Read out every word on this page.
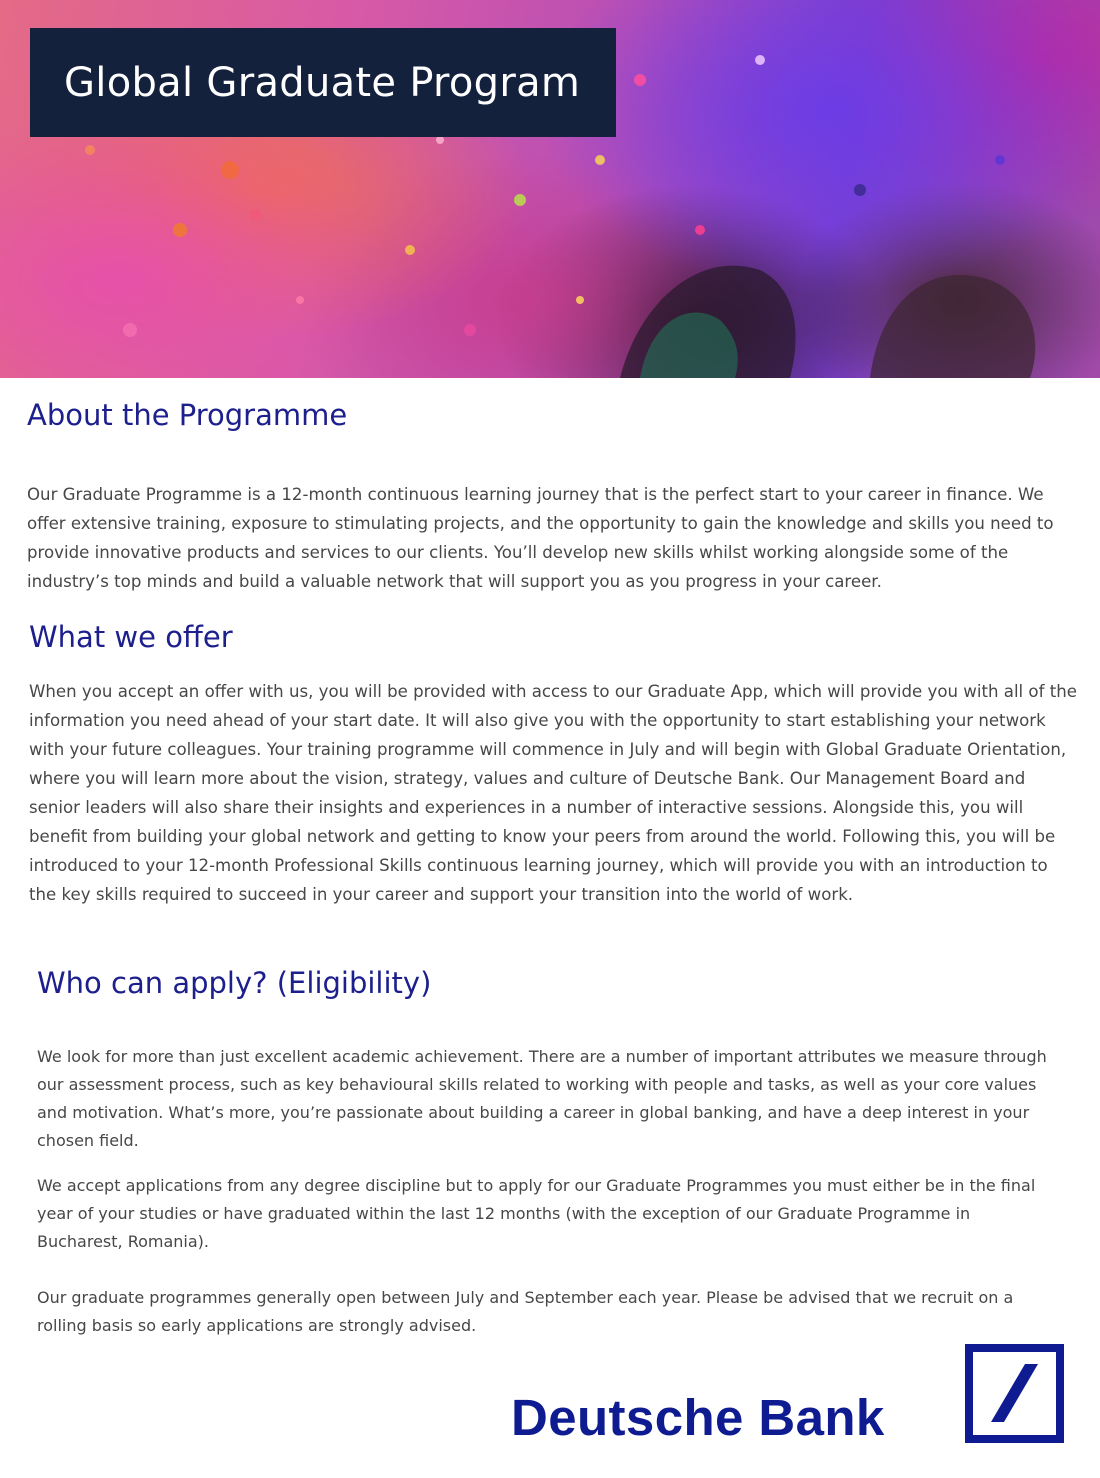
Global Graduate Program
About the Programme

Our Graduate Programme is a 12-month continuous learning journey that is the perfect start to your career in finance. We offer extensive training, exposure to stimulating projects, and the opportunity to gain the knowledge and skills you need to provide innovative products and services to our clients. You’ll develop new skills whilst working alongside some of the industry’s top minds and build a valuable network that will support you as you progress in your career.

What we offer

When you accept an offer with us, you will be provided with access to our Graduate App, which will provide you with all of the information you need ahead of your start date. It will also give you with the opportunity to start establishing your network with your future colleagues. Your training programme will commence in July and will begin with Global Graduate Orientation, where you will learn more about the vision, strategy, values and culture of Deutsche Bank. Our Management Board and senior leaders will also share their insights and experiences in a number of interactive sessions. Alongside this, you will benefit from building your global network and getting to know your peers from around the world. Following this, you will be introduced to your 12-month Professional Skills continuous learning journey, which will provide you with an introduction to the key skills required to succeed in your career and support your transition into the world of work.

Who can apply? (Eligibility)

We look for more than just excellent academic achievement. There are a number of important attributes we measure through our assessment process, such as key behavioural skills related to working with people and tasks, as well as your core values and motivation. What’s more, you’re passionate about building a career in global banking, and have a deep interest in your chosen field.

We accept applications from any degree discipline but to apply for our Graduate Programmes you must either be in the final year of your studies or have graduated within the last 12 months (with the exception of our Graduate Programme in Bucharest, Romania).

Our graduate programmes generally open between July and September each year. Please be advised that we recruit on a rolling basis so early applications are strongly advised.

Deutsche Bank
